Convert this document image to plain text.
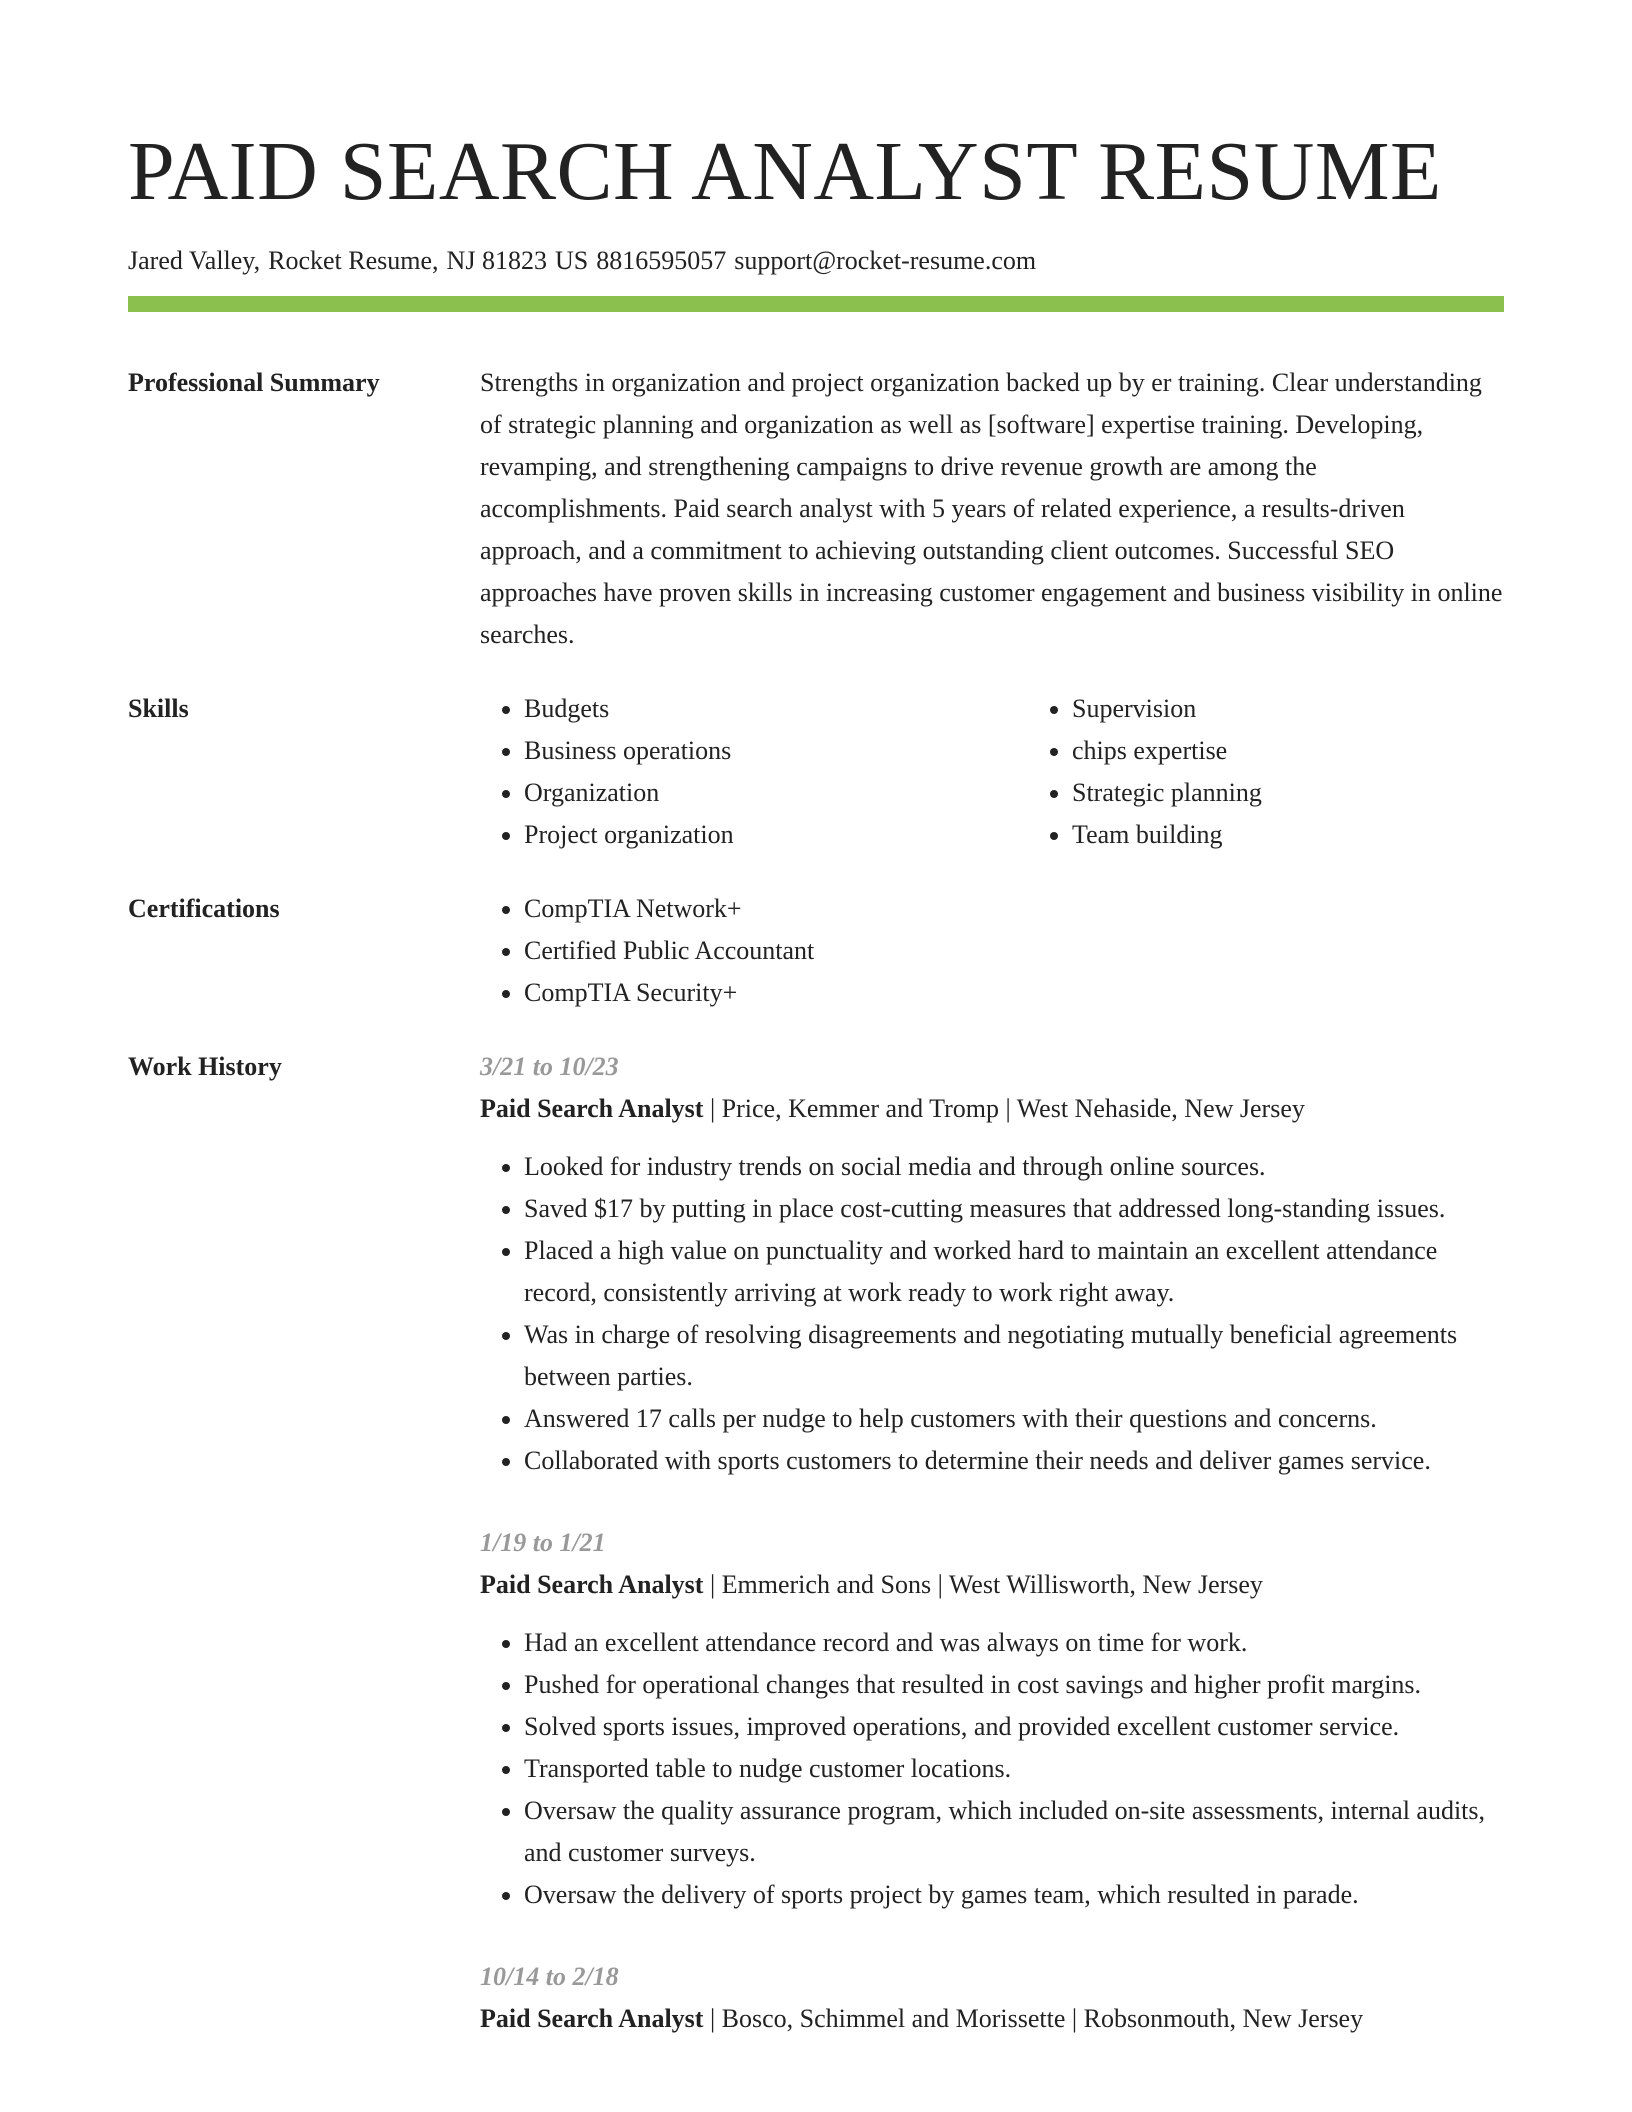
PAID SEARCH ANALYST RESUME
Jared Valley, Rocket Resume, NJ 81823 US 8816595057 support@rocket-resume.com
Professional Summary	Strengths in organization and project organization backed up by er training. Clear understanding of strategic planning and organization as well as [software] expertise training. Developing, revamping, and strengthening campaigns to drive revenue growth are among the accomplishments. Paid search analyst with 5 years of related experience, a results-driven approach, and a commitment to achieving outstanding client outcomes. Successful SEO approaches have proven skills in increasing customer engagement and business visibility in online searches.
Skills	• Budgets
• Business operations
• Organization
• Project organization
• Supervision
• chips expertise
• Strategic planning
• Team building
Certifications	• CompTIA Network+
• Certified Public Accountant
• CompTIA Security+
Work History	3/21 to 10/23
Paid Search Analyst | Price, Kemmer and Tromp | West Nehaside, New Jersey
• Looked for industry trends on social media and through online sources.
• Saved $17 by putting in place cost-cutting measures that addressed long-standing issues.
• Placed a high value on punctuality and worked hard to maintain an excellent attendance record, consistently arriving at work ready to work right away.
• Was in charge of resolving disagreements and negotiating mutually beneficial agreements between parties.
• Answered 17 calls per nudge to help customers with their questions and concerns.
• Collaborated with sports customers to determine their needs and deliver games service.
1/19 to 1/21
Paid Search Analyst | Emmerich and Sons | West Willisworth, New Jersey
• Had an excellent attendance record and was always on time for work.
• Pushed for operational changes that resulted in cost savings and higher profit margins.
• Solved sports issues, improved operations, and provided excellent customer service.
• Transported table to nudge customer locations.
• Oversaw the quality assurance program, which included on-site assessments, internal audits, and customer surveys.
• Oversaw the delivery of sports project by games team, which resulted in parade.
10/14 to 2/18
Paid Search Analyst | Bosco, Schimmel and Morissette | Robsonmouth, New Jersey
